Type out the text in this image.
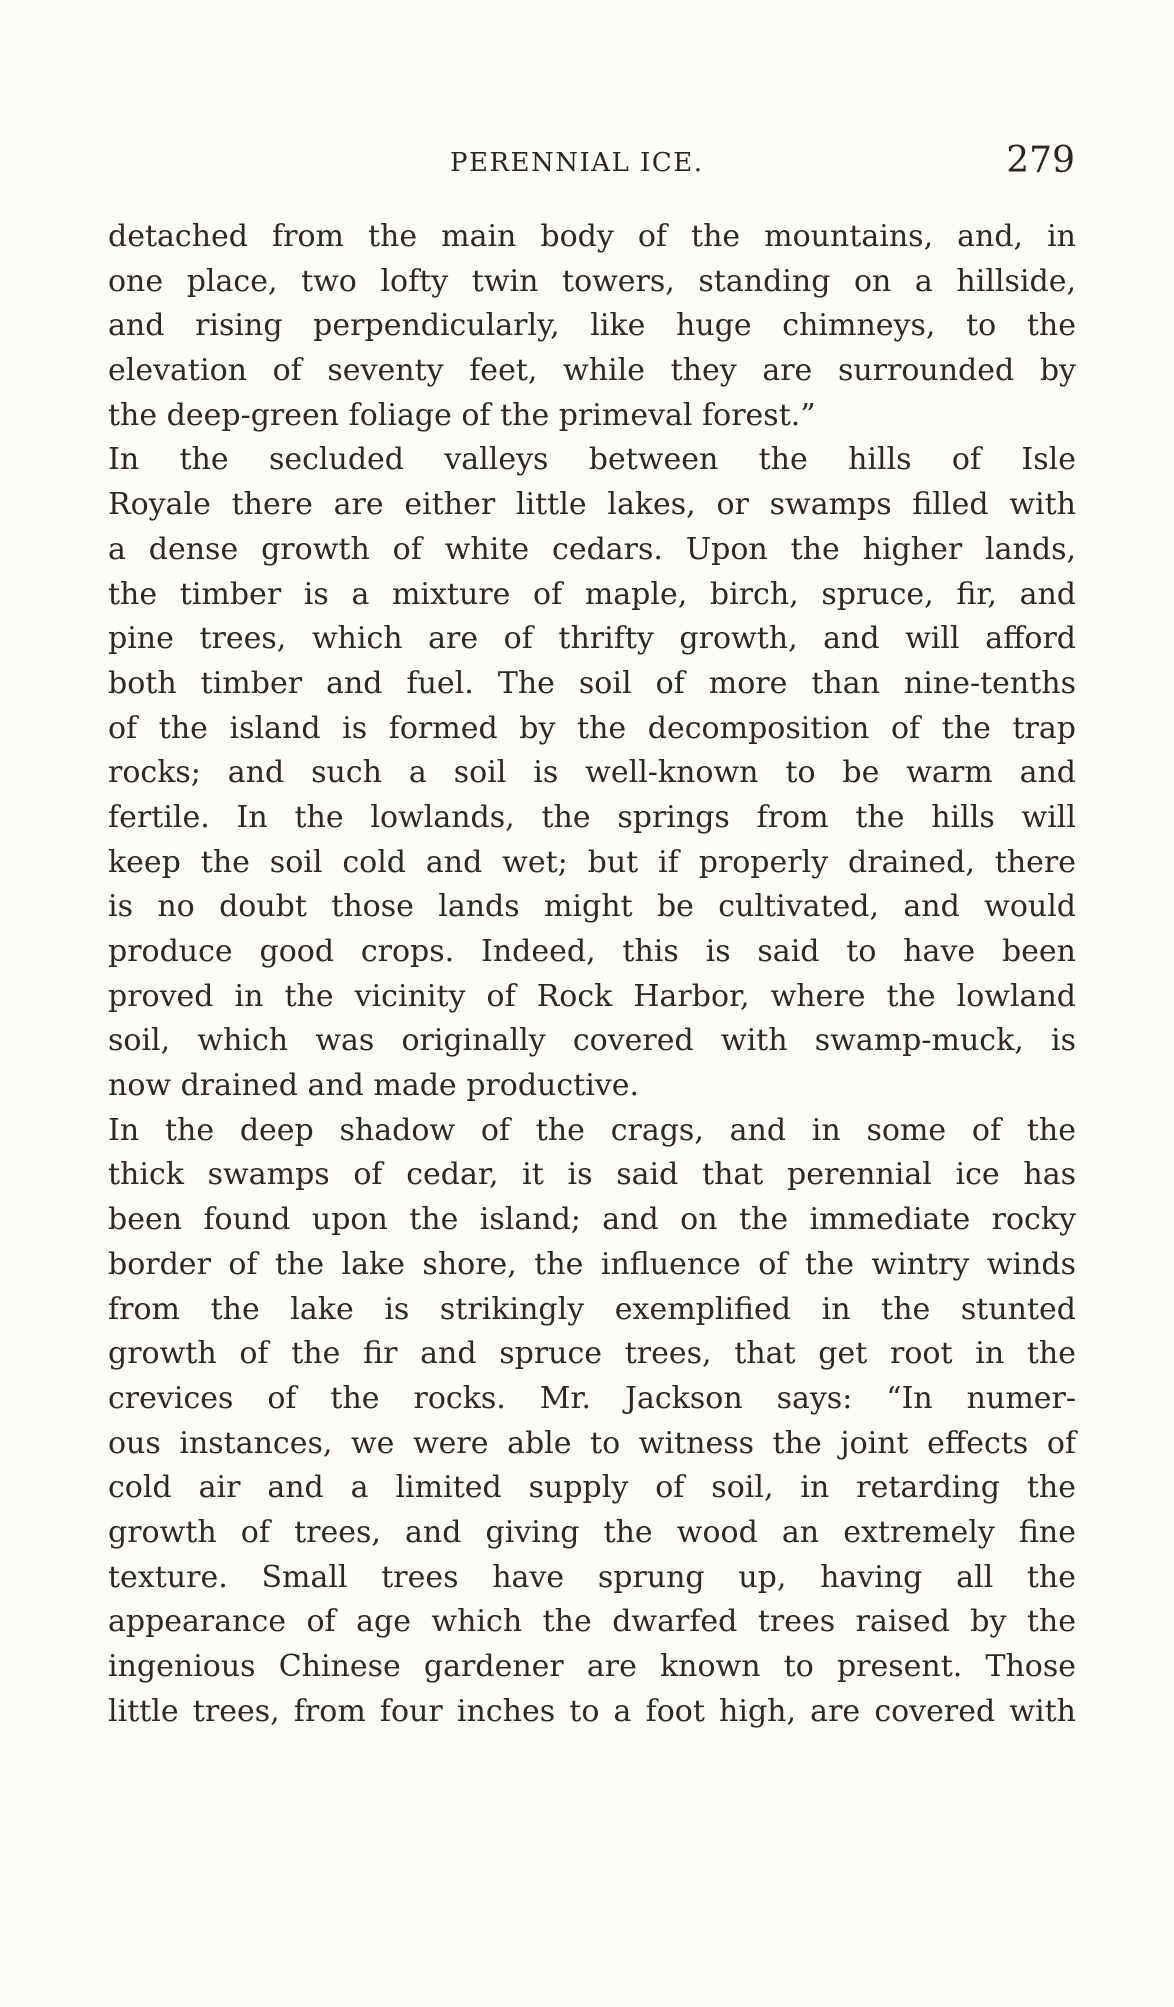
PERENNIAL ICE.	279
detached from the main body of the mountains, and, in
one place, two lofty twin towers, standing on a hillside,
and rising perpendicularly, like huge chimneys, to the
elevation of seventy feet, while they are surrounded by
the deep-green foliage of the primeval forest.”
In the secluded valleys between the hills of Isle
Royale there are either little lakes, or swamps filled with
a dense growth of white cedars. Upon the higher lands,
the timber is a mixture of maple, birch, spruce, fir, and
pine trees, which are of thrifty growth, and will afford
both timber and fuel. The soil of more than nine-tenths
of the island is formed by the decomposition of the trap
rocks; and such a soil is well-known to be warm and
fertile. In the lowlands, the springs from the hills will
keep the soil cold and wet; but if properly drained, there
is no doubt those lands might be cultivated, and would
produce good crops. Indeed, this is said to have been
proved in the vicinity of Rock Harbor, where the lowland
soil, which was originally covered with swamp-muck, is
now drained and made productive.
In the deep shadow of the crags, and in some of the
thick swamps of cedar, it is said that perennial ice has
been found upon the island; and on the immediate rocky
border of the lake shore, the influence of the wintry winds
from the lake is strikingly exemplified in the stunted
growth of the fir and spruce trees, that get root in the
crevices of the rocks. Mr. Jackson says: “In numer-
ous instances, we were able to witness the joint effects of
cold air and a limited supply of soil, in retarding the
growth of trees, and giving the wood an extremely fine
texture. Small trees have sprung up, having all the
appearance of age which the dwarfed trees raised by the
ingenious Chinese gardener are known to present. Those
little trees, from four inches to a foot high, are covered with
